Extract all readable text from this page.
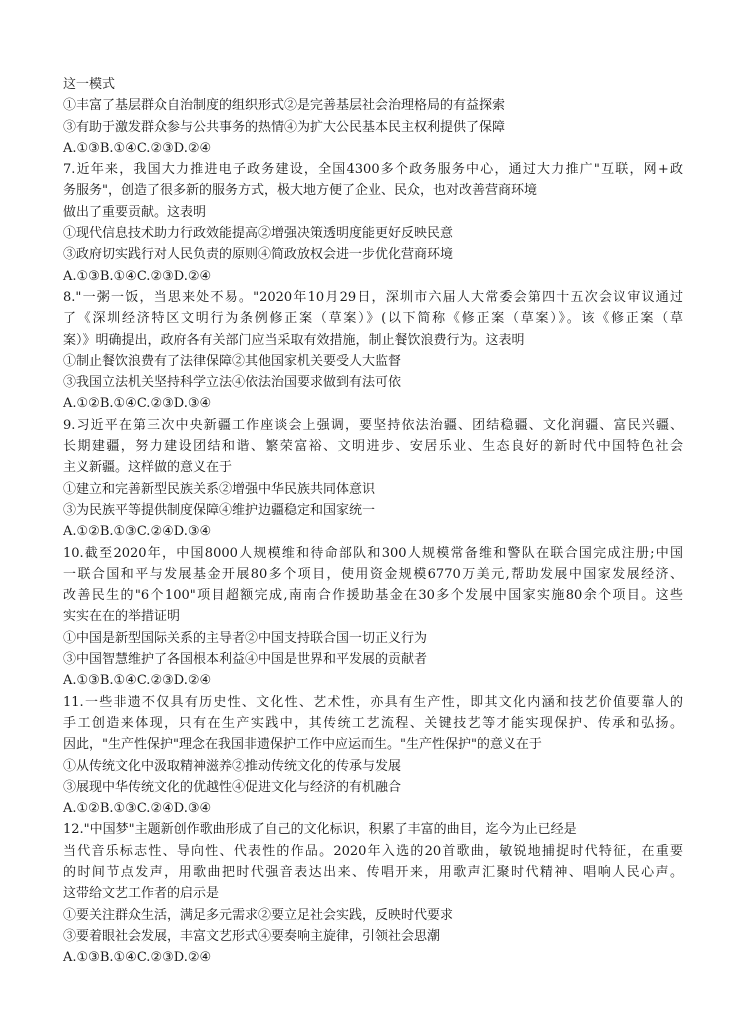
这一模式
①丰富了基层群众自治制度的组织形式②是完善基层社会治理格局的有益探索
③有助于激发群众参与公共事务的热情④为扩大公民基本民主权利提供了保障
A.①③B.①④C.②③D.②④
7.近年来，我国大力推进电子政务建设，全国4300多个政务服务中心，通过大力推广"互联，网+政
务服务"，创造了很多新的服务方式，极大地方便了企业、民众，也对改善营商环境
做出了重要贡献。这表明
①现代信息技术助力行政效能提高②增强决策透明度能更好反映民意
③政府切实践行对人民负责的原则④简政放权会进一步优化营商环境
A.①③B.①④C.②③D.②④
8."一粥一饭，当思来处不易。"2020年10月29日，深圳市六届人大常委会第四十五次会议审议通过
了《深圳经济特区文明行为条例修正案（草案）》(以下简称《修正案（草案）》。该《修正案（草
案）》明确提出，政府各有关部门应当采取有效措施，制止餐饮浪费行为。这表明
①制止餐饮浪费有了法律保障②其他国家机关要受人大监督
③我国立法机关坚持科学立法④依法治国要求做到有法可依
A.①②B.①④C.②③D.③④
9.习近平在第三次中央新疆工作座谈会上强调，要坚持依法治疆、团结稳疆、文化润疆、富民兴疆、
长期建疆，努力建设团结和谐、繁荣富裕、文明进步、安居乐业、生态良好的新时代中国特色社会
主义新疆。这样做的意义在于
①建立和完善新型民族关系②增强中华民族共同体意识
③为民族平等提供制度保障④维护边疆稳定和国家统一
A.①②B.①③C.②④D.③④
10.截至2020年，中国8000人规模维和待命部队和300人规模常备维和警队在联合国完成注册;中国
一联合国和平与发展基金开展80多个项目，使用资金规模6770万美元,帮助发展中国家发展经济、
改善民生的"6个100"项目超额完成,南南合作援助基金在30多个发展中国家实施80余个项目。这些
实实在在的举措证明
①中国是新型国际关系的主导者②中国支持联合国一切正义行为
③中国智慧维护了各国根本利益④中国是世界和平发展的贡献者
A.①③B.①④C.②③D.②④
11.一些非遗不仅具有历史性、文化性、艺术性，亦具有生产性，即其文化内涵和技艺价值要靠人的
手工创造来体现，只有在生产实践中，其传统工艺流程、关键技艺等才能实现保护、传承和弘扬。
因此，"生产性保护"理念在我国非遗保护工作中应运而生。"生产性保护"的意义在于
①从传统文化中汲取精神滋养②推动传统文化的传承与发展
③展现中华传统文化的优越性④促进文化与经济的有机融合
A.①②B.①③C.②④D.③④
12."中国梦"主题新创作歌曲形成了自己的文化标识，积累了丰富的曲目，迄今为止已经是
当代音乐标志性、导向性、代表性的作品。2020年入选的20首歌曲，敏锐地捕捉时代特征，在重要
的时间节点发声，用歌曲把时代强音表达出来、传唱开来，用歌声汇聚时代精神、唱响人民心声。
这带给文艺工作者的启示是
①要关注群众生活，满足多元需求②要立足社会实践，反映时代要求
③要着眼社会发展，丰富文艺形式④要奏响主旋律，引领社会思潮
A.①③B.①④C.②③D.②④
